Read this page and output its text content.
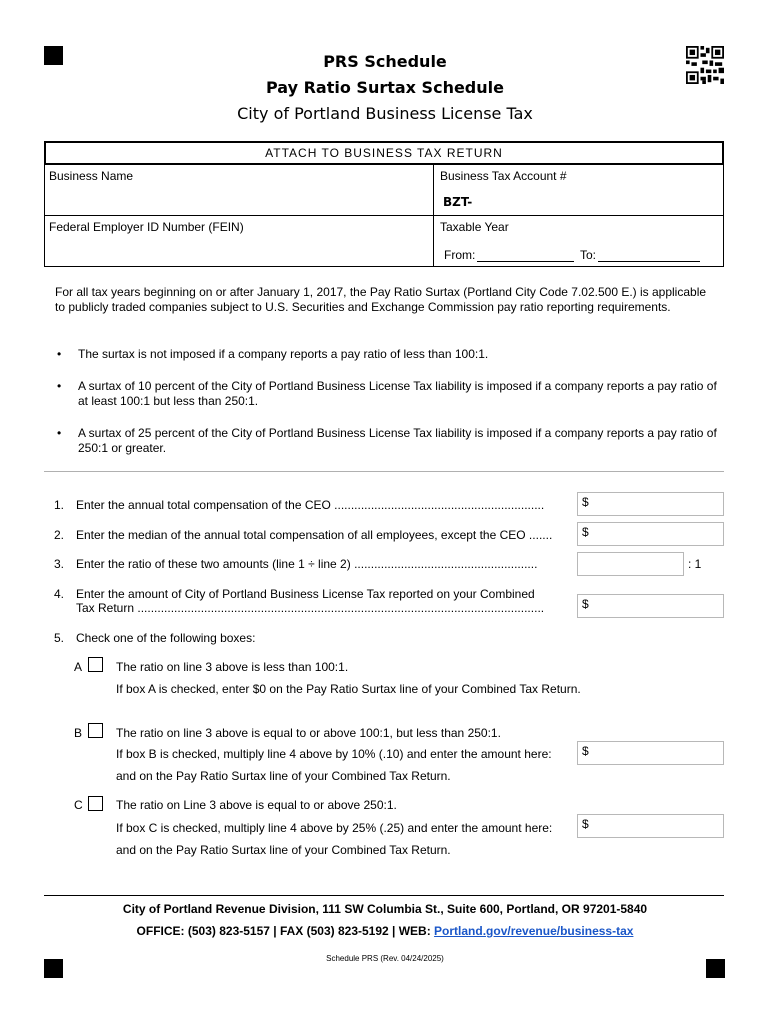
PRS Schedule
Pay Ratio Surtax Schedule
City of Portland Business License Tax
ATTACH TO BUSINESS TAX RETURN
Business Name	Business Tax Account #
BZT-
Federal Employer ID Number (FEIN)	Taxable Year
From:	To:
For all tax years beginning on or after January 1, 2017, the Pay Ratio Surtax (Portland City Code 7.02.500 E.) is applicable to publicly traded companies subject to U.S. Securities and Exchange Commission pay ratio reporting requirements.
• The surtax is not imposed if a company reports a pay ratio of less than 100:1.
• A surtax of 10 percent of the City of Portland Business License Tax liability is imposed if a company reports a pay ratio of at least 100:1 but less than 250:1.
• A surtax of 25 percent of the City of Portland Business License Tax liability is imposed if a company reports a pay ratio of 250:1 or greater.
1. Enter the annual total compensation of the CEO ...............................................................	$
2. Enter the median of the annual total compensation of all employees, except the CEO .......	$
3. Enter the ratio of these two amounts (line 1 ÷ line 2) .......................................................	: 1
4. Enter the amount of City of Portland Business License Tax reported on your Combined
Tax Return ..........................................................................................................................	$
5. Check one of the following boxes:
A	The ratio on line 3 above is less than 100:1.
If box A is checked, enter $0 on the Pay Ratio Surtax line of your Combined Tax Return.
B	The ratio on line 3 above is equal to or above 100:1, but less than 250:1.
If box B is checked, multiply line 4 above by 10% (.10) and enter the amount here:	$
and on the Pay Ratio Surtax line of your Combined Tax Return.
C	The ratio on Line 3 above is equal to or above 250:1.
If box C is checked, multiply line 4 above by 25% (.25) and enter the amount here:	$
and on the Pay Ratio Surtax line of your Combined Tax Return.
City of Portland Revenue Division, 111 SW Columbia St., Suite 600, Portland, OR 97201-5840
OFFICE: (503) 823-5157 | FAX (503) 823-5192 | WEB: Portland.gov/revenue/business-tax
Schedule PRS (Rev. 04/24/2025)
